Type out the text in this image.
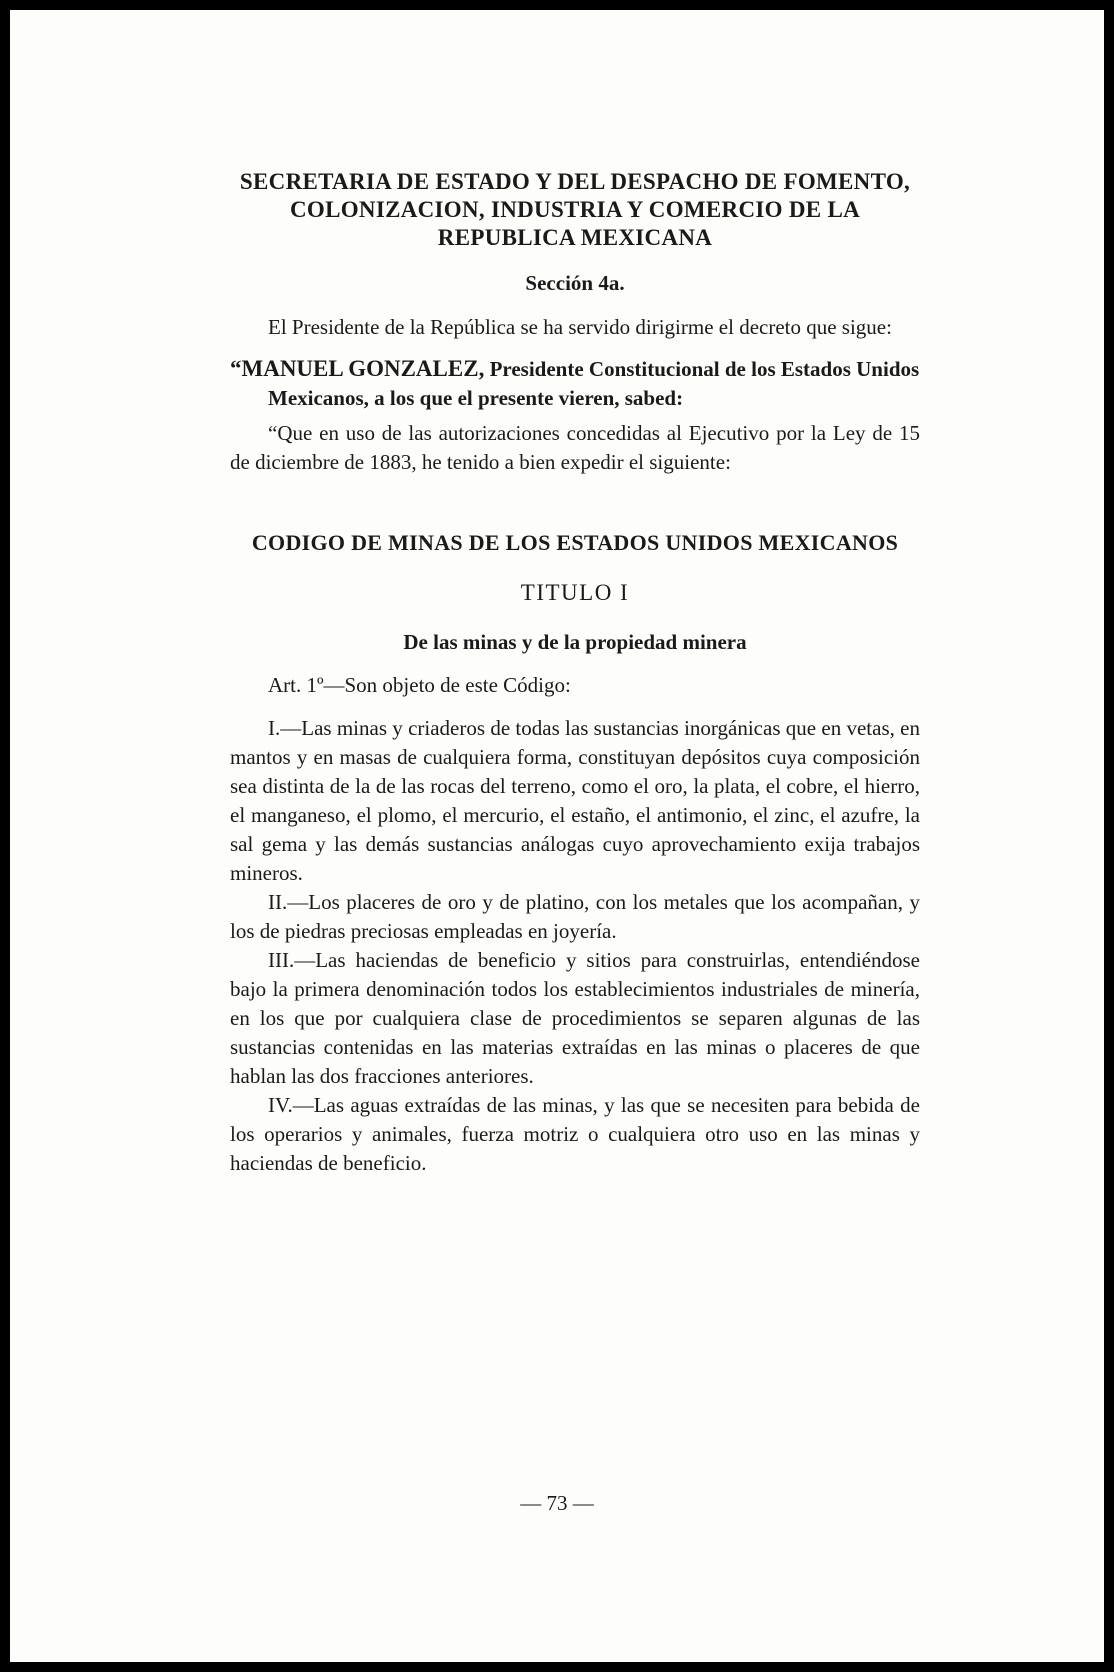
SECRETARIA DE ESTADO Y DEL DESPACHO DE FOMENTO, COLONIZACION, INDUSTRIA Y COMERCIO DE LA REPUBLICA MEXICANA
Sección 4a.

El Presidente de la República se ha servido dirigirme el decreto que sigue:

“MANUEL GONZALEZ, Presidente Constitucional de los Estados Unidos Mexicanos, a los que el presente vieren, sabed:

“Que en uso de las autorizaciones concedidas al Ejecutivo por la Ley de 15 de diciembre de 1883, he tenido a bien expedir el siguiente:

CODIGO DE MINAS DE LOS ESTADOS UNIDOS MEXICANOS
TITULO I
De las minas y de la propiedad minera

Art. 1º—Son objeto de este Código:

I.—Las minas y criaderos de todas las sustancias inorgánicas que en vetas, en mantos y en masas de cualquiera forma, constituyan depósitos cuya composición sea distinta de la de las rocas del terreno, como el oro, la plata, el cobre, el hierro, el manganeso, el plomo, el mercurio, el estaño, el antimonio, el zinc, el azufre, la sal gema y las demás sustancias análogas cuyo aprovechamiento exija trabajos mineros.

II.—Los placeres de oro y de platino, con los metales que los acompañan, y los de piedras preciosas empleadas en joyería.

III.—Las haciendas de beneficio y sitios para construirlas, entendiéndose bajo la primera denominación todos los establecimientos industriales de minería, en los que por cualquiera clase de procedimientos se separen algunas de las sustancias contenidas en las materias extraídas en las minas o placeres de que hablan las dos fracciones anteriores.

IV.—Las aguas extraídas de las minas, y las que se necesiten para bebida de los operarios y animales, fuerza motriz o cualquiera otro uso en las minas y haciendas de beneficio.

— 73 —
